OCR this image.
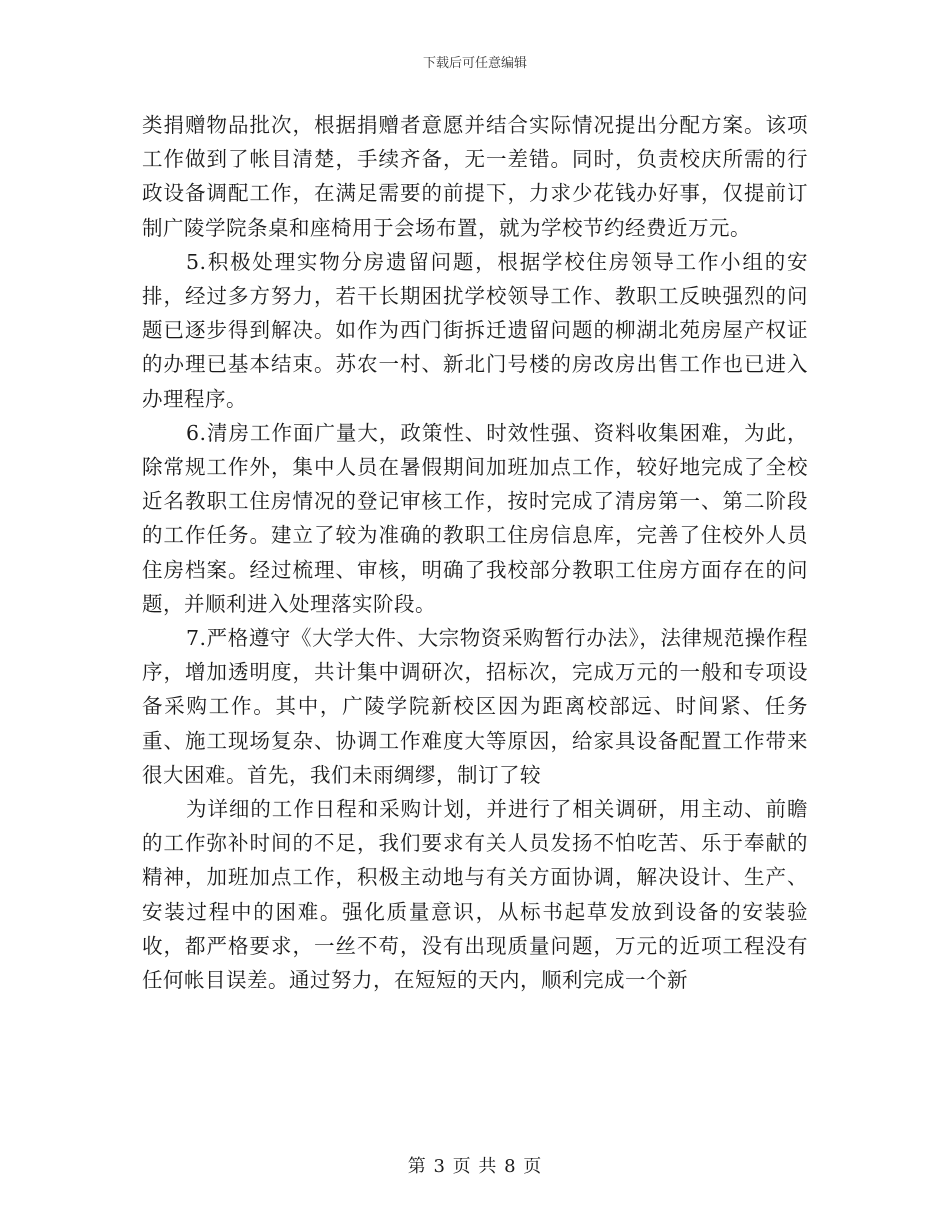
下载后可任意编辑

类捐赠物品批次，根据捐赠者意愿并结合实际情况提出分配方案。该项工作做到了帐目清楚，手续齐备，无一差错。同时，负责校庆所需的行政设备调配工作，在满足需要的前提下，力求少花钱办好事，仅提前订制广陵学院条桌和座椅用于会场布置，就为学校节约经费近万元。

5.积极处理实物分房遗留问题，根据学校住房领导工作小组的安排，经过多方努力，若干长期困扰学校领导工作、教职工反映强烈的问题已逐步得到解决。如作为西门街拆迁遗留问题的柳湖北苑房屋产权证的办理已基本结束。苏农一村、新北门号楼的房改房出售工作也已进入办理程序。

6.清房工作面广量大，政策性、时效性强、资料收集困难，为此，除常规工作外，集中人员在暑假期间加班加点工作，较好地完成了全校近名教职工住房情况的登记审核工作，按时完成了清房第一、第二阶段的工作任务。建立了较为准确的教职工住房信息库，完善了住校外人员住房档案。经过梳理、审核，明确了我校部分教职工住房方面存在的问题，并顺利进入处理落实阶段。

7.严格遵守《大学大件、大宗物资采购暂行办法》，法律规范操作程序，增加透明度，共计集中调研次，招标次，完成万元的一般和专项设备采购工作。其中，广陵学院新校区因为距离校部远、时间紧、任务重、施工现场复杂、协调工作难度大等原因，给家具设备配置工作带来很大困难。首先，我们未雨绸缪，制订了较

为详细的工作日程和采购计划，并进行了相关调研，用主动、前瞻的工作弥补时间的不足，我们要求有关人员发扬不怕吃苦、乐于奉献的精神，加班加点工作，积极主动地与有关方面协调，解决设计、生产、安装过程中的困难。强化质量意识，从标书起草发放到设备的安装验收，都严格要求，一丝不苟，没有出现质量问题，万元的近项工程没有任何帐目误差。通过努力，在短短的天内，顺利完成一个新

第 3 页 共 8 页
